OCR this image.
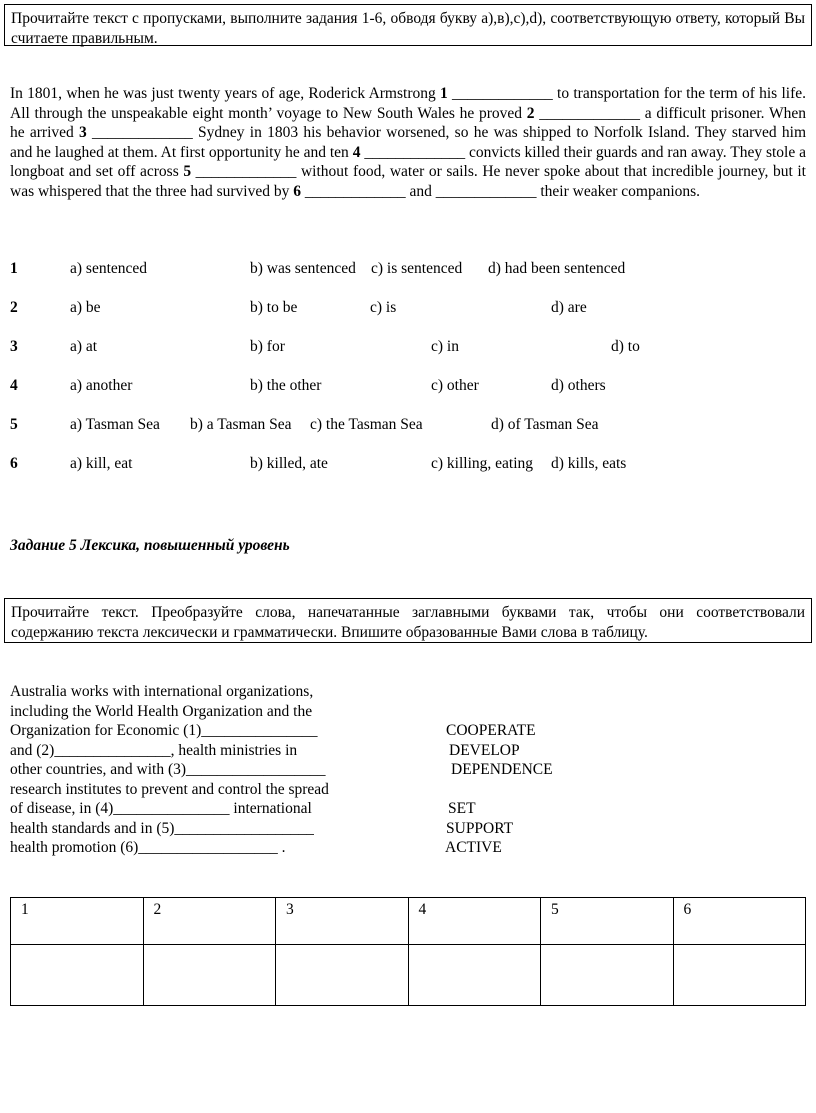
Прочитайте текст с пропусками, выполните задания 1-6, обводя букву а),в),c),d), соответствующую ответу, который Вы считаете правильным.

In 1801, when he was just twenty years of age, Roderick Armstrong 1 _____________ to transportation for the term of his life. All through the unspeakable eight month’ voyage to New South Wales he proved 2 _____________ a difficult prisoner. When he arrived 3 _____________ Sydney in 1803 his behavior worsened, so he was shipped to Norfolk Island. They starved him and he laughed at them. At first opportunity he and ten 4 _____________ convicts killed their guards and ran away. They stole a longboat and set off across 5 _____________ without food, water or sails. He never spoke about that incredible journey, but it was whispered that the three had survived by 6 _____________ and _____________ their weaker companions.

1	a) sentenced	b) was sentenced c) is sentenced d) had been sentenced
2	a) be	b) to be	c) is	d) are
3	a) at	b) for	c) in	d) to
4	a) another	b) the other	c) other	d) others
5	a) Tasman Sea b) a Tasman Sea c) the Tasman Sea	d) of Tasman Sea
6	a) kill, eat	b) killed, ate	c) killing, eating d) kills, eats
Задание 5 Лексика, повышенный уровень
Прочитайте текст. Преобразуйте слова, напечатанные заглавными буквами так, чтобы они соответствовали содержанию текста лексически и грамматически. Впишите образованные Вами слова в таблицу.
Australia works with international organizations,
including the World Health Organization and the
Organization for Economic (1)_______________
and (2)_______________, health ministries in
other countries, and with (3)__________________
research institutes to prevent and control the spread
of disease, in (4)_______________ international
health standards and in (5)__________________
health promotion (6)__________________ .
COOPERATE
DEVELOP
DEPENDENCE
SET
SUPPORT
ACTIVE
1	2	3	4	5	6
